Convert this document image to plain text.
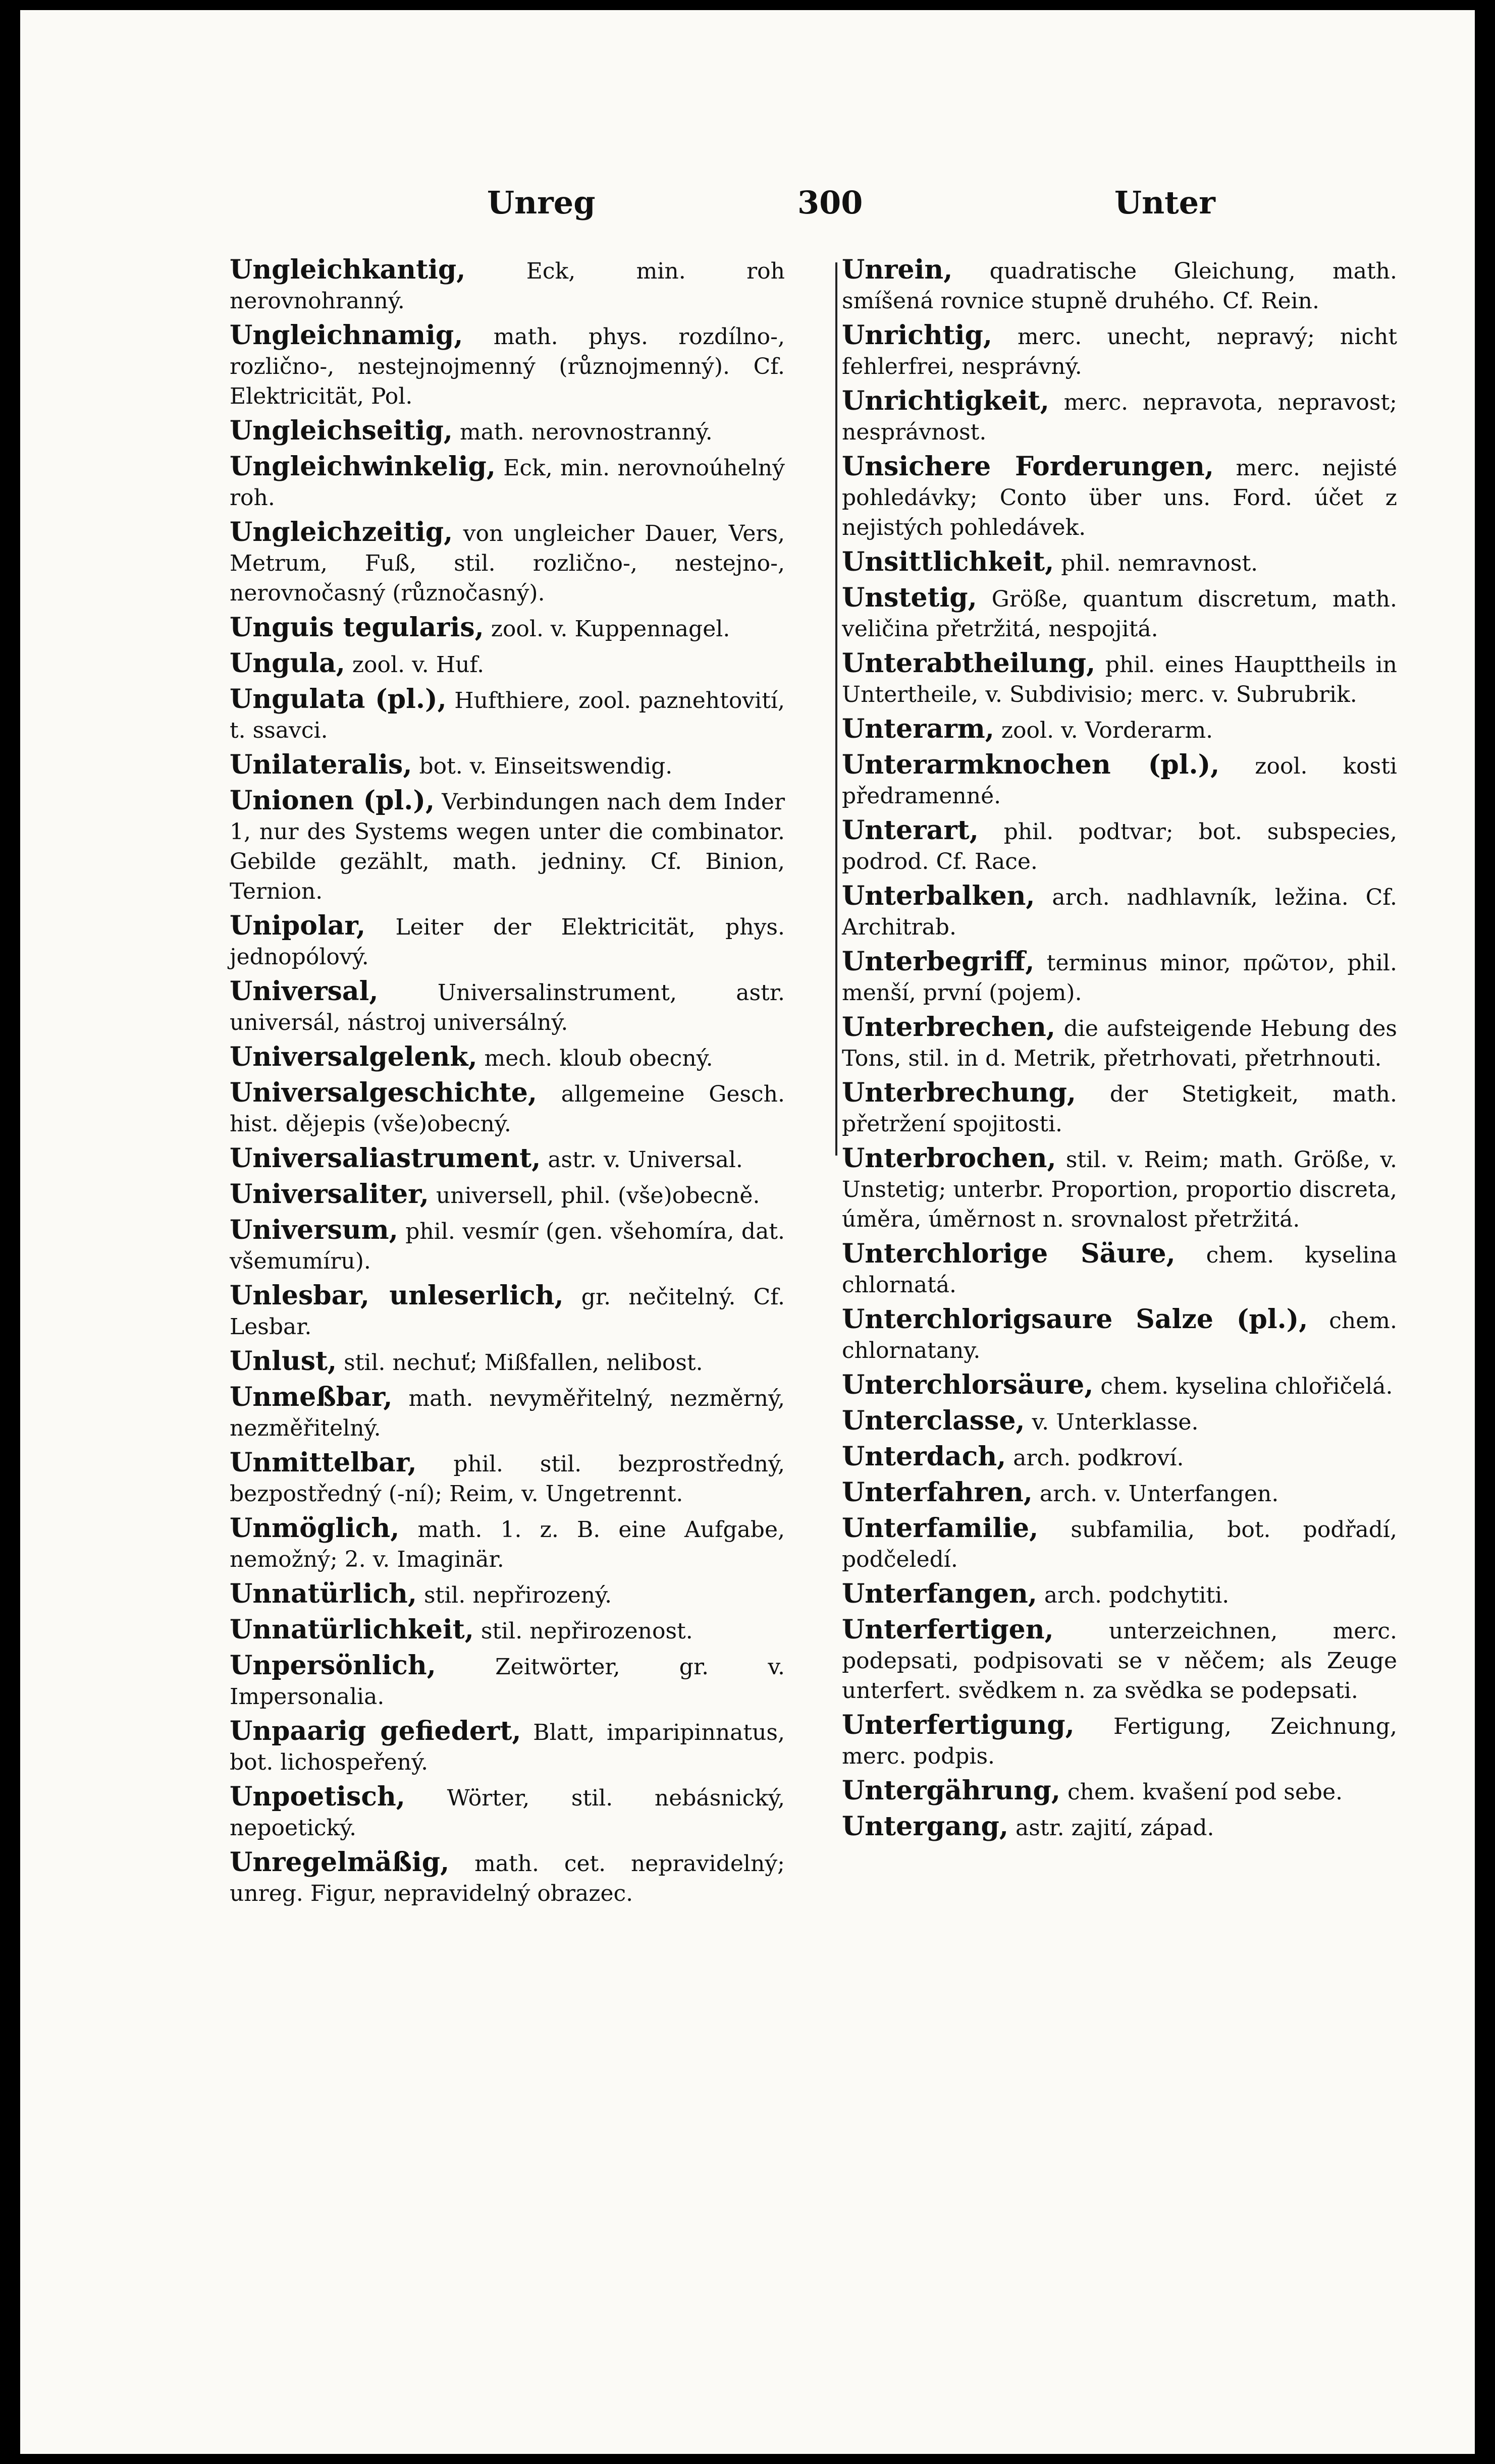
Unreg	300	Unter
Ungleichkantig,	Eck, min. roh nerovnohranný.
Ungleichnamig, math. phys. rozdílno-, rozličnо-, nestejnojmenný (různojmenný). Cf. Elektricität, Pol.
Ungleichseitig, math. nerovnostranný.
Ungleichwinkelig, Eck, min. nerovnoúhelný roh.
Ungleichzeitig, von ungleicher Dauer, Vers, Metrum, Fuß, stil. rozličnо-, nestejno-, nerovnočasný (různočasný).
Unguis tegularis, zool. v. Kuppennagel.
Ungula, zool. v. Huf.
Ungulata (pl.), Hufthiere, zool. paznehtovití, t. ssavci.
Unilateralis, bot. v. Einseitswendig.
Unionen (pl.), Verbindungen nach dem Inder 1, nur des Systems wegen unter die combinator. Gebilde gezählt, math. jedniny. Cf. Binion, Ternion.
Unipolar, Leiter der Elektricität, phys. jednopólový.
Universal,	Universalinstrument, astr. universál, nástroj universálný.
Universalgelenk, mech. kloub obecný.
Universalgeschichte, allgemeine Gesch. hist. dějepis (vše)obecný.
Universaliastrument, astr. v. Universal.
Universaliter, universell, phil. (vše)obecně.
Universum, phil. vesmír (gen. všehomíra, dat. všemumíru).
Unlesbar, unleserlich, gr. nečitelný. Cf. Lesbar.
Unlust, stil. nechuť; Mißfallen, nelibost.
Unmeßbar, math. nevyměřitelný, nezměrný, nezměřitelný.
Unmittelbar, phil. stil. bezprostředný, bezpostředný (-ní); Reim, v. Ungetrennt.
Unmöglich, math. 1. z. B. eine Aufgabe, nemožný; 2. v. Imaginär.
Unnatürlich, stil. nepřirozený.
Unnatürlichkeit, stil. nepřirozenost.
Unpersönlich,	Zeitwörter, gr. v. Impersonalia.
Unpaarig gefiedert, Blatt, imparipinnatus, bot. lichospeřený.
Unpoetisch, Wörter, stil. nebásnický, nepoetický.
Unregelmäßig, math. cet. nepravidelný; unreg. Figur, nepravidelný obrazec.
Unrein, quadratische Gleichung, math. smíšená rovnice stupně druhého. Cf. Rein.
Unrichtig, merc. unecht, nepravý; nicht fehlerfrei, nesprávný.
Unrichtigkeit, merc. nepravota, nepravost; nesprávnost.
Unsichere Forderungen, merc. nejisté pohledávky; Conto über uns. Ford. účet z nejistých pohledávek.
Unsittlichkeit, phil. nemravnost.
Unstetig, Größe, quantum discretum, math. veličina přetržitá, nespojitá.
Unterabtheilung, phil. eines Haupttheils in Untertheile, v. Subdivisio; merc. v. Subrubrik.
Unterarm, zool. v. Vorderarm.
Unterarmknochen (pl.), zool. kosti předramenné.
Unterart, phil. podtvar; bot. subspecies, podrod. Cf. Race.
Unterbalken, arch. nadhlavník, ležina. Cf. Architrab.
Unterbegriff, terminus minor, πρῶτον, phil. menší, první (pojem).
Unterbrechen, die aufsteigende Hebung des Tons, stil. in d. Metrik, přetrhovati, přetrhnouti.
Unterbrechung, der Stetigkeit, math. přetržení spojitosti.
Unterbrochen, stil. v. Reim; math. Größe, v. Unstetig; unterbr. Proportion, proportio discreta, úměra, úměrnost n. srovnalost přetržitá.
Unterchlorige Säure, chem. kyselina chlornatá.
Unterchlorigsaure Salze (pl.), chem. chlornatany.
Unterchlorsäure, chem. kyselina chlořičelá.
Unterclasse, v. Unterklasse.
Unterdach, arch. podkroví.
Unterfahren, arch. v. Unterfangen.
Unterfamilie, subfamilia, bot. podřadí, podčeledí.
Unterfangen, arch. podchytiti.
Unterfertigen, unterzeichnen, merc. podepsati, podpisovati se v něčem; als Zeuge unterfert. svědkem n. za svědka se podepsati.
Unterfertigung, Fertigung, Zeichnung, merc. podpis.
Untergährung, chem. kvašení pod sebe.
Untergang, astr. zajití, západ.
